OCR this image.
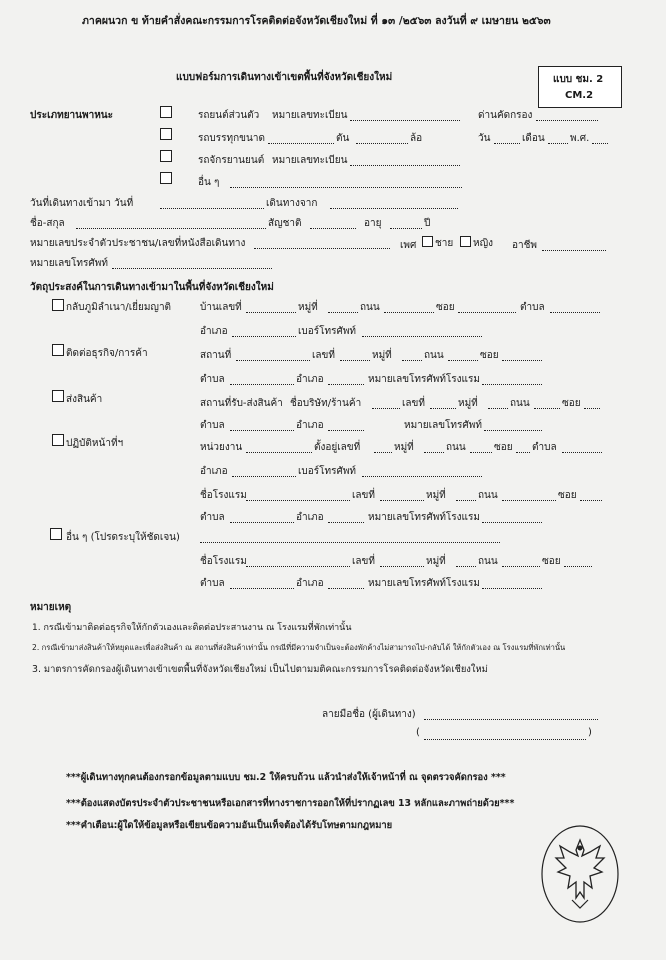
ภาคผนวก ข ท้ายคำสั่งคณะกรรมการโรคติดต่อจังหวัดเชียงใหม่ ที่ ๑๓ /๒๕๖๓ ลงวันที่ ๙ เมษายน ๒๕๖๓
แบบฟอร์มการเดินทางเข้าเขตพื้นที่จังหวัดเชียงใหม่	แบบ ชม. 2
CM.2
ประเภทยานพาหนะ	รถยนต์ส่วนตัว หมายเลขทะเบียน	ด่านคัดกรอง
รถบรรทุกขนาด	ตัน	ล้อ	วัน	เดือน	พ.ศ.
รถจักรยานยนต์ หมายเลขทะเบียน
อื่น ๆ
วันที่เดินทางเข้ามา วันที่	เดินทางจาก
ชื่อ-สกุล	สัญชาติ	อายุ	ปี
หมายเลขประจำตัวประชาชน/เลขที่หนังสือเดินทาง	เพศ	ชาย	หญิง อาชีพ
หมายเลขโทรศัพท์
วัตถุประสงค์ในการเดินทางเข้ามาในพื้นที่จังหวัดเชียงใหม่
กลับภูมิลำเนา/เยี่ยมญาติ	บ้านเลขที่	หมู่ที่	ถนน	ซอย	ตำบล
อำเภอ	เบอร์โทรศัพท์
ติดต่อธุรกิจ/การค้า	สถานที่	เลขที่	หมู่ที่	ถนน	ซอย
ตำบล	อำเภอ	หมายเลขโทรศัพท์โรงแรม
ส่งสินค้า	สถานที่รับ-ส่งสินค้า ชื่อบริษัท/ร้านค้า	เลขที่	หมู่ที่	ถนน	ซอย
ตำบล	อำเภอ	หมายเลขโทรศัพท์
ปฏิบัติหน้าที่ฯ	หน่วยงาน	ตั้งอยู่เลขที่	หมู่ที่	ถนน	ซอย ตำบล
อำเภอ	เบอร์โทรศัพท์
ชื่อโรงแรม	เลขที่	หมู่ที่	ถนน	ซอย
ตำบล	อำเภอ	หมายเลขโทรศัพท์โรงแรม
อื่น ๆ (โปรดระบุให้ชัดเจน)
ชื่อโรงแรม	เลขที่	หมู่ที่	ถนน	ซอย
ตำบล	อำเภอ	หมายเลขโทรศัพท์โรงแรม
หมายเหตุ
1. กรณีเข้ามาติดต่อธุรกิจให้กักตัวเองและติดต่อประสานงาน ณ โรงแรมที่พักเท่านั้น
2. กรณีเข้ามาส่งสินค้าให้หยุดและเพื่อส่งสินค้า ณ สถานที่ส่งสินค้าเท่านั้น กรณีที่มีความจำเป็นจะต้องพักค้างไม่สามารถไป-กลับได้ ให้กักตัวเอง ณ โรงแรมที่พักเท่านั้น
3. มาตรการคัดกรองผู้เดินทางเข้าเขตพื้นที่จังหวัดเชียงใหม่ เป็นไปตามมติคณะกรรมการโรคติดต่อจังหวัดเชียงใหม่
ลายมือชื่อ (ผู้เดินทาง)
(	)
***ผู้เดินทางทุกคนต้องกรอกข้อมูลตามแบบ ชม.2 ให้ครบถ้วน แล้วนำส่งให้เจ้าหน้าที่ ณ จุดตรวจคัดกรอง ***
***ต้องแสดงบัตรประจำตัวประชาชนหรือเอกสารที่ทางราชการออกให้ที่ปรากฏเลข 13 หลักและภาพถ่ายด้วย***
***คำเตือน:ผู้ใดให้ข้อมูลหรือเขียนข้อความอันเป็นเท็จต้องได้รับโทษตามกฎหมาย
